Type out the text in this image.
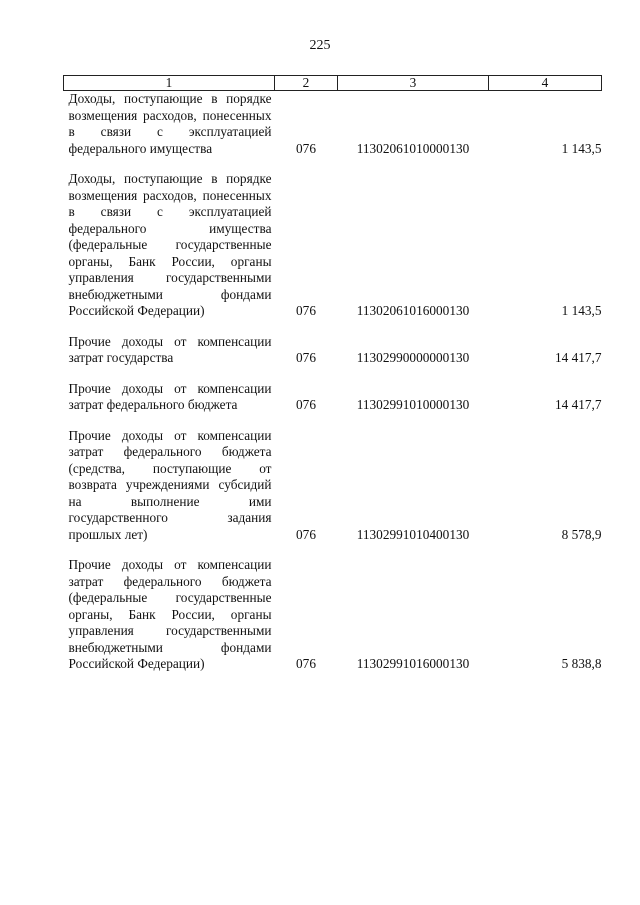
225
1	2	3	4
Доходы, поступающие в порядке возмещения расходов, понесенных в связи с эксплуатацией федерального имущества	076	11302061010000130	1 143,5

Доходы, поступающие в порядке возмещения расходов, понесенных в связи с эксплуатацией федерального имущества (федеральные государственные органы, Банк России, органы управления государственными внебюджетными фондами Российской Федерации)	076	11302061016000130	1 143,5

Прочие доходы от компенсации затрат государства	076	11302990000000130	14 417,7

Прочие доходы от компенсации затрат федерального бюджета	076	11302991010000130	14 417,7

Прочие доходы от компенсации затрат федерального бюджета (средства, поступающие от возврата учреждениями субсидий на выполнение ими государственного задания прошлых лет)	076	11302991010400130	8 578,9

Прочие доходы от компенсации затрат федерального бюджета (федеральные государственные органы, Банк России, органы управления государственными внебюджетными фондами Российской Федерации)	076	11302991016000130	5 838,8
